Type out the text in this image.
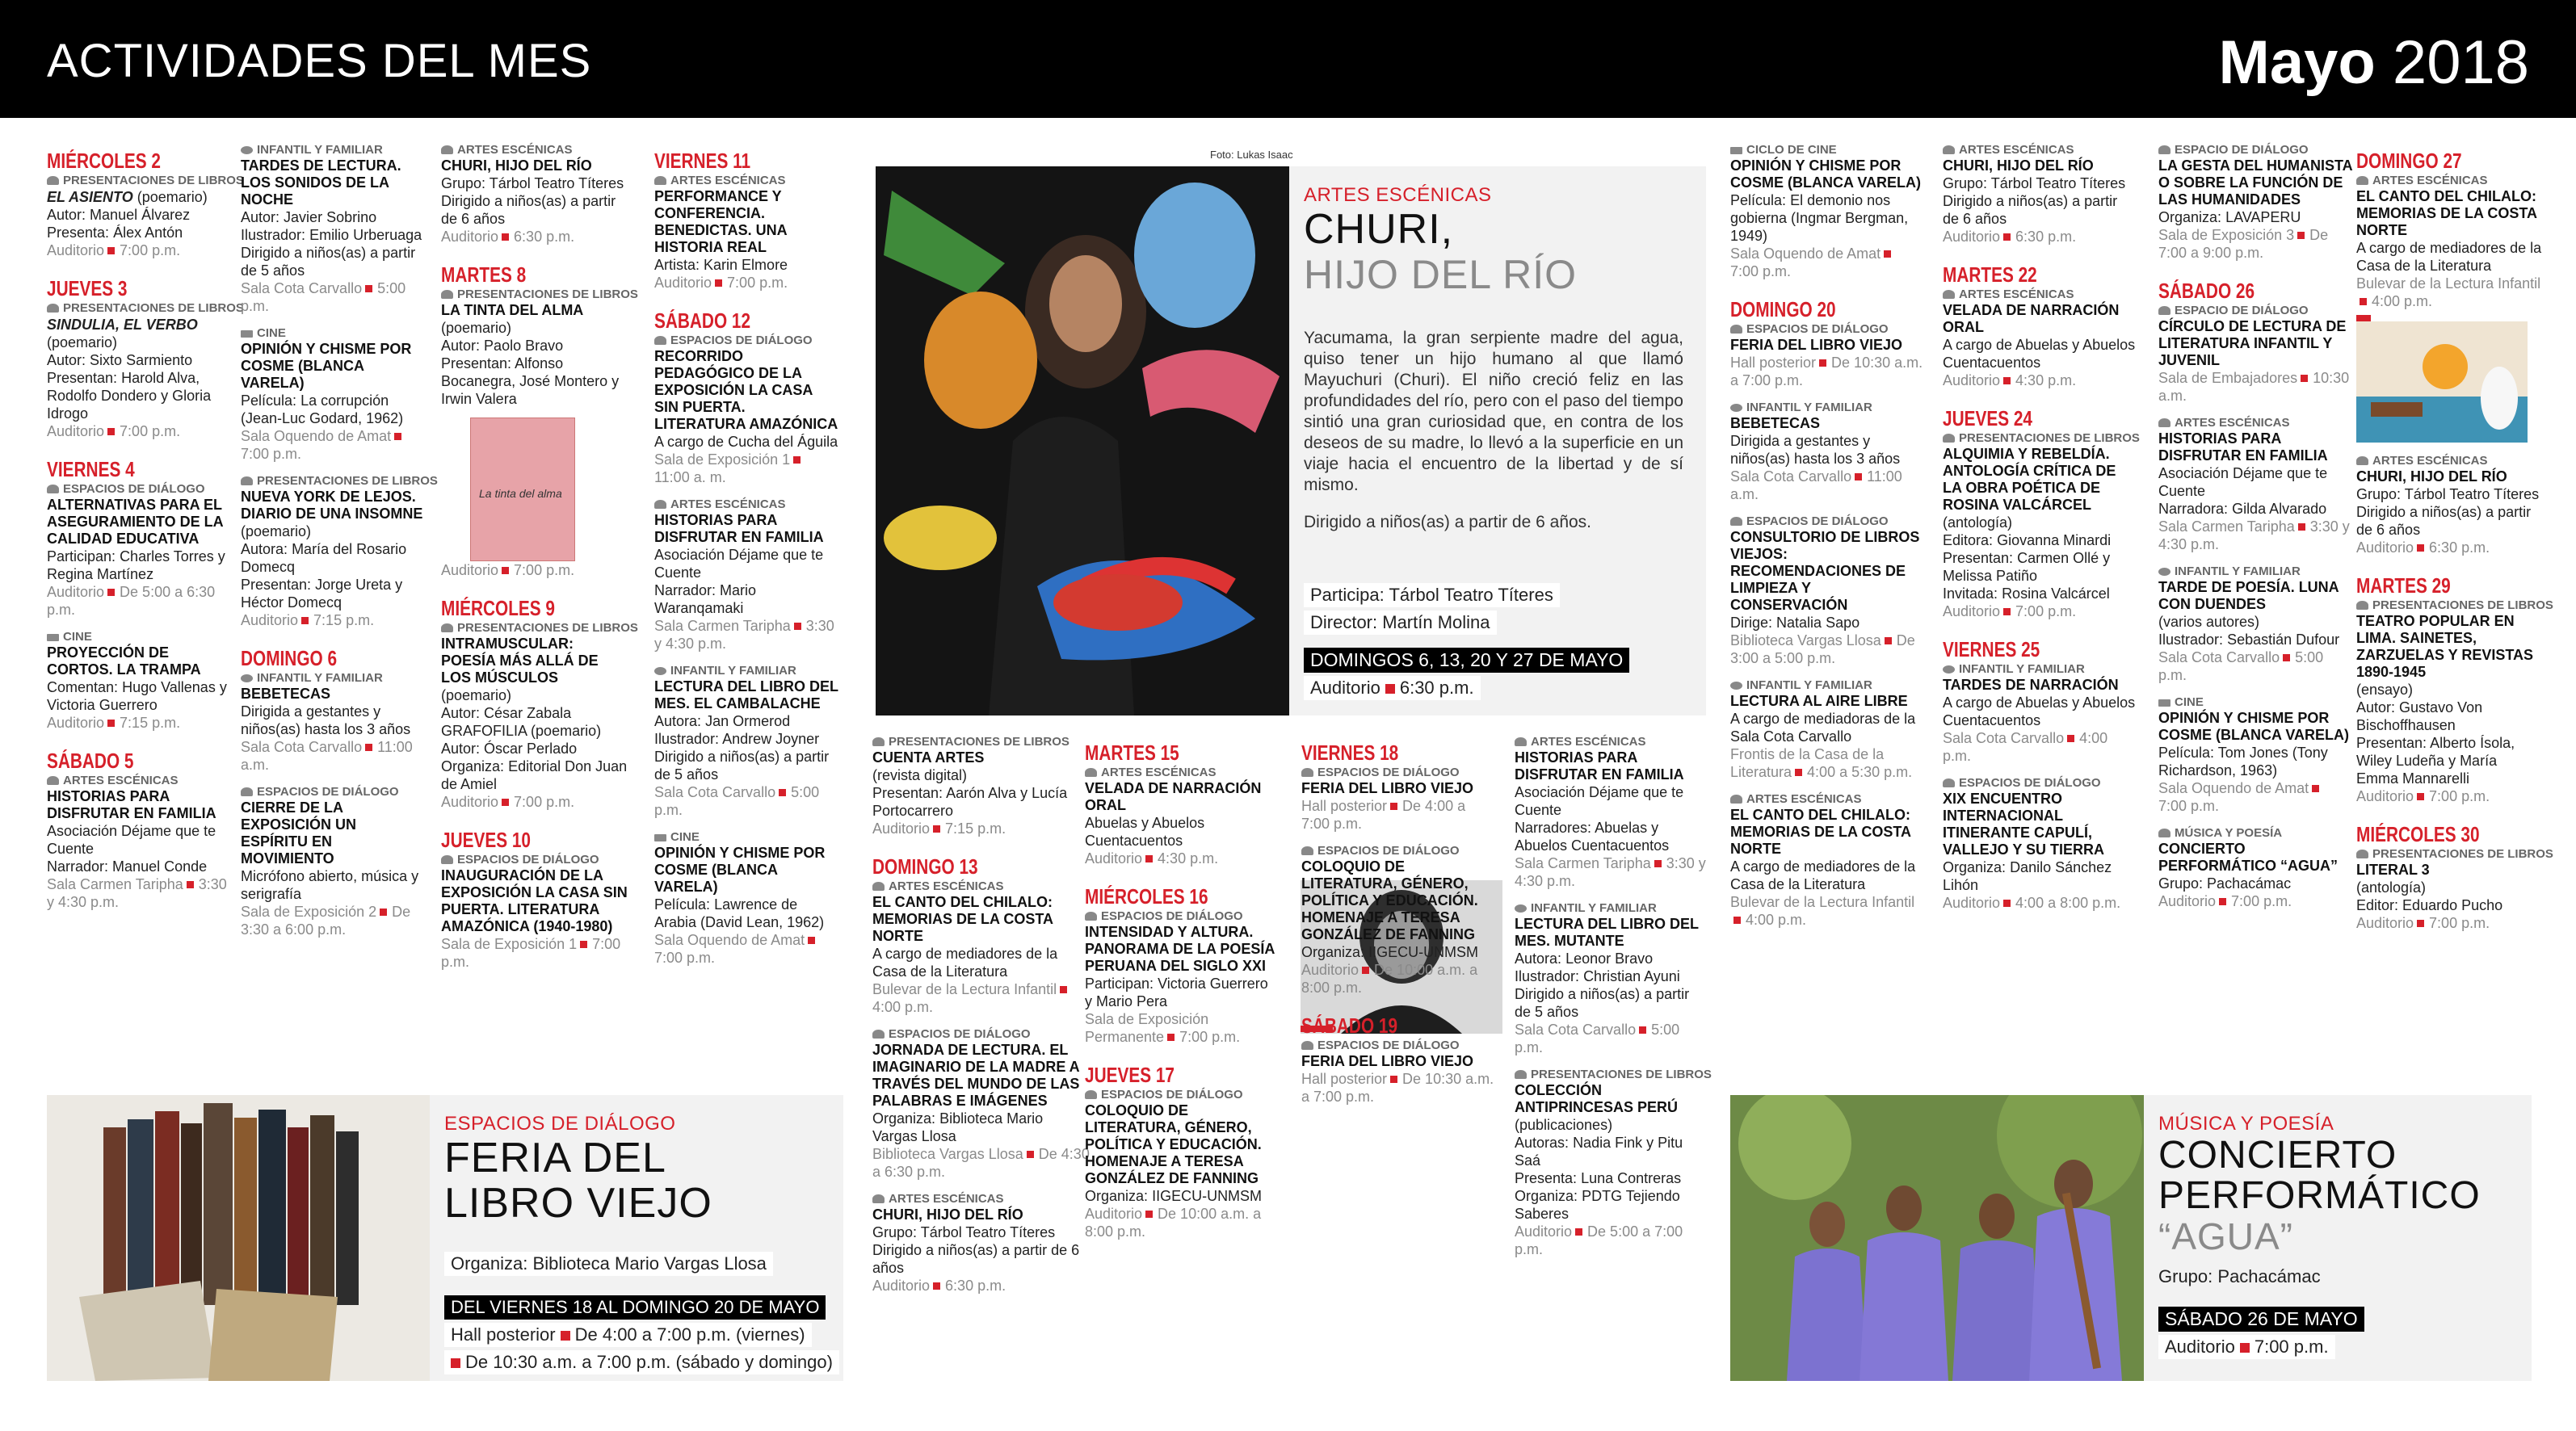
ACTIVIDADES DEL MES	Mayo 2018
Foto: Lukas Isaac
ARTES ESCÉNICAS
CHURI,
HIJO DEL RÍO
Yacumama, la gran serpiente madre del agua, quiso tener un hijo humano al que llamó Mayuchuri (Churi). El niño creció feliz en las profundidades del río, pero con el paso del tiempo sintió una gran curiosidad que, en contra de los deseos de su madre, lo llevó a la superficie en un viaje hacia el encuentro de la libertad y de sí mismo.
Dirigido a niños(as) a partir de 6 años.
Participa: Tárbol Teatro Títeres
Director: Martín Molina
DOMINGOS 6, 13, 20 Y 27 DE MAYO
Auditorio 6:30 p.m.
ESPACIOS DE DIÁLOGO
FERIA DEL
LIBRO VIEJO
Organiza: Biblioteca Mario Vargas Llosa
DEL VIERNES 18 AL DOMINGO 20 DE MAYO
Hall posterior De 4:00 a 7:00 p.m. (viernes)
De 10:30 a.m. a 7:00 p.m. (sábado y domingo)
MÚSICA Y POESÍA
CONCIERTO
PERFORMÁTICO
“AGUA”
Grupo: Pachacámac
SÁBADO 26 DE MAYO
Auditorio 7:00 p.m.
MIÉRCOLES 2
PRESENTACIONES DE LIBROS
EL ASIENTO (poemario)
Autor: Manuel Álvarez
Presenta: Álex Antón
Auditorio 7:00 p.m.
JUEVES 3
PRESENTACIONES DE LIBROS
SINDULIA, EL VERBO
(poemario)
Autor: Sixto Sarmiento
Presentan: Harold Alva, Rodolfo Dondero y Gloria Idrogo
Auditorio 7:00 p.m.
VIERNES 4
ESPACIOS DE DIÁLOGO
ALTERNATIVAS PARA EL ASEGURAMIENTO DE LA CALIDAD EDUCATIVA
Participan: Charles Torres y Regina Martínez
Auditorio De 5:00 a 6:30 p.m.
CINE
PROYECCIÓN DE CORTOS. LA TRAMPA
Comentan: Hugo Vallenas y Victoria Guerrero
Auditorio 7:15 p.m.
SÁBADO 5
ARTES ESCÉNICAS
HISTORIAS PARA DISFRUTAR EN FAMILIA
Asociación Déjame que te Cuente
Narrador: Manuel Conde
Sala Carmen Taripha 3:30 y 4:30 p.m.
INFANTIL Y FAMILIAR
TARDES DE LECTURA. LOS SONIDOS DE LA NOCHE
Autor: Javier Sobrino
Ilustrador: Emilio Urberuaga
Dirigido a niños(as) a partir de 5 años
Sala Cota Carvallo 5:00 p.m.
CINE
OPINIÓN Y CHISME POR COSME (BLANCA VARELA)
Película: La corrupción (Jean-Luc Godard, 1962)
Sala Oquendo de Amat7:00 p.m.
PRESENTACIONES DE LIBROS
NUEVA YORK DE LEJOS. DIARIO DE UNA INSOMNE
(poemario)
Autora: María del Rosario Domecq
Presentan: Jorge Ureta y Héctor Domecq
Auditorio 7:15 p.m.
DOMINGO 6
INFANTIL Y FAMILIAR
BEBETECAS
Dirigida a gestantes y niños(as) hasta los 3 años
Sala Cota Carvallo 11:00 a.m.
ESPACIOS DE DIÁLOGO
CIERRE DE LA EXPOSICIÓN UN ESPÍRITU EN MOVIMIENTO
Micrófono abierto, música y serigrafía
Sala de Exposición 2 De 3:30 a 6:00 p.m.
ARTES ESCÉNICAS
CHURI, HIJO DEL RÍO
Grupo: Tárbol Teatro Títeres
Dirigido a niños(as) a partir de 6 años
Auditorio 6:30 p.m.
MARTES 8
PRESENTACIONES DE LIBROS
LA TINTA DEL ALMA
(poemario)
Autor: Paolo Bravo
Presentan: Alfonso Bocanegra, José Montero y Irwin Valera
La tinta del alma
Auditorio 7:00 p.m.
MIÉRCOLES 9
PRESENTACIONES DE LIBROS
INTRAMUSCULAR: POESÍA MÁS ALLÁ DE LOS MÚSCULOS
(poemario)
Autor: César Zabala
GRAFOFILIA (poemario)
Autor: Óscar Perlado
Organiza: Editorial Don Juan de Amiel
Auditorio 7:00 p.m.
JUEVES 10
ESPACIOS DE DIÁLOGO
INAUGURACIÓN DE LA EXPOSICIÓN LA CASA SIN PUERTA. LITERATURA AMAZÓNICA (1940-1980)
Sala de Exposición 1 7:00 p.m.
VIERNES 11
ARTES ESCÉNICAS
PERFORMANCE Y CONFERENCIA. BENEDICTAS. UNA HISTORIA REAL
Artista: Karin Elmore
Auditorio 7:00 p.m.
SÁBADO 12
ESPACIOS DE DIÁLOGO
RECORRIDO PEDAGÓGICO DE LA EXPOSICIÓN LA CASA SIN PUERTA. LITERATURA AMAZÓNICA
A cargo de Cucha del Águila
Sala de Exposición 111:00 a. m.
ARTES ESCÉNICAS
HISTORIAS PARA DISFRUTAR EN FAMILIA
Asociación Déjame que te Cuente
Narrador: Mario Waranqamaki
Sala Carmen Taripha 3:30 y 4:30 p.m.
INFANTIL Y FAMILIAR
LECTURA DEL LIBRO DEL MES. EL CAMBALACHE
Autora: Jan Ormerod
Ilustrador: Andrew Joyner
Dirigido a niños(as) a partir de 5 años
Sala Cota Carvallo 5:00 p.m.
CINE
OPINIÓN Y CHISME POR COSME (BLANCA VARELA)
Película: Lawrence de Arabia (David Lean, 1962)
Sala Oquendo de Amat7:00 p.m.
PRESENTACIONES DE LIBROS
CUENTA ARTES
(revista digital)
Presentan: Aarón Alva y Lucía Portocarrero
Auditorio 7:15 p.m.
DOMINGO 13
ARTES ESCÉNICAS
EL CANTO DEL CHILALO: MEMORIAS DE LA COSTA NORTE
A cargo de mediadores de la Casa de la Literatura
Bulevar de la Lectura Infantil4:00 p.m.
ESPACIOS DE DIÁLOGO
JORNADA DE LECTURA. EL IMAGINARIO DE LA MADRE A TRAVÉS DEL MUNDO DE LAS PALABRAS E IMÁGENES
Organiza: Biblioteca Mario Vargas Llosa
Biblioteca Vargas Llosa De 4:30 a 6:30 p.m.
ARTES ESCÉNICAS
CHURI, HIJO DEL RÍO
Grupo: Tárbol Teatro Títeres
Dirigido a niños(as) a partir de 6 años
Auditorio 6:30 p.m.
MARTES 15
ARTES ESCÉNICAS
VELADA DE NARRACIÓN ORAL
Abuelas y Abuelos Cuentacuentos
Auditorio 4:30 p.m.
MIÉRCOLES 16
ESPACIOS DE DIÁLOGO
INTENSIDAD Y ALTURA. PANORAMA DE LA POESÍA PERUANA DEL SIGLO XXI
Participan: Victoria Guerrero y Mario Pera
Sala de Exposición Permanente 7:00 p.m.
JUEVES 17
ESPACIOS DE DIÁLOGO
COLOQUIO DE LITERATURA, GÉNERO, POLÍTICA Y EDUCACIÓN. HOMENAJE A TERESA GONZÁLEZ DE FANNING
Organiza: IIGECU-UNMSM
Auditorio De 10:00 a.m. a 8:00 p.m.
VIERNES 18
ESPACIOS DE DIÁLOGO
FERIA DEL LIBRO VIEJO
Hall posterior De 4:00 a 7:00 p.m.
ESPACIOS DE DIÁLOGO
COLOQUIO DE LITERATURA, GÉNERO, POLÍTICA Y EDUCACIÓN. HOMENAJE A TERESA GONZÁLEZ DE FANNING
Organiza: IIGECU-UNMSM
Auditorio De 10:00 a.m. a 8:00 p.m.
SÁBADO 19
ESPACIOS DE DIÁLOGO
FERIA DEL LIBRO VIEJO
Hall posterior De 10:30 a.m. a 7:00 p.m.
ARTES ESCÉNICAS
HISTORIAS PARA DISFRUTAR EN FAMILIA
Asociación Déjame que te Cuente
Narradores: Abuelas y Abuelos Cuentacuentos
Sala Carmen Taripha 3:30 y 4:30 p.m.
INFANTIL Y FAMILIAR
LECTURA DEL LIBRO DEL MES. MUTANTE
Autora: Leonor Bravo
Ilustrador: Christian Ayuni
Dirigido a niños(as) a partir de 5 años
Sala Cota Carvallo 5:00 p.m.
PRESENTACIONES DE LIBROS
COLECCIÓN ANTIPRINCESAS PERÚ
(publicaciones)
Autoras: Nadia Fink y Pitu Saá
Presenta: Luna Contreras
Organiza: PDTG Tejiendo Saberes
Auditorio De 5:00 a 7:00 p.m.
CICLO DE CINE
OPINIÓN Y CHISME POR COSME (BLANCA VARELA)
Película: El demonio nos gobierna (Ingmar Bergman, 1949)
Sala Oquendo de Amat7:00 p.m.
DOMINGO 20
ESPACIOS DE DIÁLOGO
FERIA DEL LIBRO VIEJO
Hall posterior De 10:30 a.m. a 7:00 p.m.
INFANTIL Y FAMILIAR
BEBETECAS
Dirigida a gestantes y niños(as) hasta los 3 años
Sala Cota Carvallo 11:00 a.m.
ESPACIOS DE DIÁLOGO
CONSULTORIO DE LIBROS VIEJOS: RECOMENDACIONES DE LIMPIEZA Y CONSERVACIÓN
Dirige: Natalia Sapo
Biblioteca Vargas Llosa De 3:00 a 5:00 p.m.
INFANTIL Y FAMILIAR
LECTURA AL AIRE LIBRE
A cargo de mediadoras de la Sala Cota Carvallo
Frontis de la Casa de la Literatura 4:00 a 5:30 p.m.
ARTES ESCÉNICAS
EL CANTO DEL CHILALO: MEMORIAS DE LA COSTA NORTE
A cargo de mediadores de la Casa de la Literatura
Bulevar de la Lectura Infantil4:00 p.m.
ARTES ESCÉNICAS
CHURI, HIJO DEL RÍO
Grupo: Tárbol Teatro Títeres
Dirigido a niños(as) a partir de 6 años
Auditorio 6:30 p.m.
MARTES 22
ARTES ESCÉNICAS
VELADA DE NARRACIÓN ORAL
A cargo de Abuelas y Abuelos Cuentacuentos
Auditorio 4:30 p.m.
JUEVES 24
PRESENTACIONES DE LIBROS
ALQUIMIA Y REBELDÍA. ANTOLOGÍA CRÍTICA DE LA OBRA POÉTICA DE ROSINA VALCÁRCEL
(antología)
Editora: Giovanna Minardi
Presentan: Carmen Ollé y Melissa Patiño
Invitada: Rosina Valcárcel
Auditorio 7:00 p.m.
VIERNES 25
INFANTIL Y FAMILIAR
TARDES DE NARRACIÓN
A cargo de Abuelas y Abuelos Cuentacuentos
Sala Cota Carvallo 4:00 p.m.
ESPACIOS DE DIÁLOGO
XIX ENCUENTRO INTERNACIONAL ITINERANTE CAPULÍ, VALLEJO Y SU TIERRA
Organiza: Danilo Sánchez Lihón
Auditorio 4:00 a 8:00 p.m.
ESPACIO DE DIÁLOGO
LA GESTA DEL HUMANISTA O SOBRE LA FUNCIÓN DE LAS HUMANIDADES
Organiza: LAVAPERU
Sala de Exposición 3 De 7:00 a 9:00 p.m.
SÁBADO 26
ESPACIO DE DIÁLOGO
CÍRCULO DE LECTURA DE LITERATURA INFANTIL Y JUVENIL
Sala de Embajadores 10:30 a.m.
ARTES ESCÉNICAS
HISTORIAS PARA DISFRUTAR EN FAMILIA
Asociación Déjame que te Cuente
Narradora: Gilda Alvarado
Sala Carmen Taripha 3:30 y 4:30 p.m.
INFANTIL Y FAMILIAR
TARDE DE POESÍA. LUNA CON DUENDES
(varios autores)
Ilustrador: Sebastián Dufour
Sala Cota Carvallo 5:00 p.m.
CINE
OPINIÓN Y CHISME POR COSME (BLANCA VARELA)
Película: Tom Jones (Tony Richardson, 1963)
Sala Oquendo de Amat7:00 p.m.
MÚSICA Y POESÍA
CONCIERTO PERFORMÁTICO “AGUA”
Grupo: Pachacámac
Auditorio 7:00 p.m.
DOMINGO 27
ARTES ESCÉNICAS
EL CANTO DEL CHILALO: MEMORIAS DE LA COSTA NORTE
A cargo de mediadores de la Casa de la Literatura
Bulevar de la Lectura Infantil4:00 p.m.
ARTES ESCÉNICAS
CHURI, HIJO DEL RÍO
Grupo: Tárbol Teatro Títeres
Dirigido a niños(as) a partir de 6 años
Auditorio 6:30 p.m.
MARTES 29
PRESENTACIONES DE LIBROS
TEATRO POPULAR EN LIMA. SAINETES, ZARZUELAS Y REVISTAS 1890-1945
(ensayo)
Autor: Gustavo Von Bischoffhausen
Presentan: Alberto Ísola, Wiley Ludeña y María Emma Mannarelli
Auditorio 7:00 p.m.
MIÉRCOLES 30
PRESENTACIONES DE LIBROS
LITERAL 3
(antología)
Editor: Eduardo Pucho
Auditorio 7:00 p.m.
